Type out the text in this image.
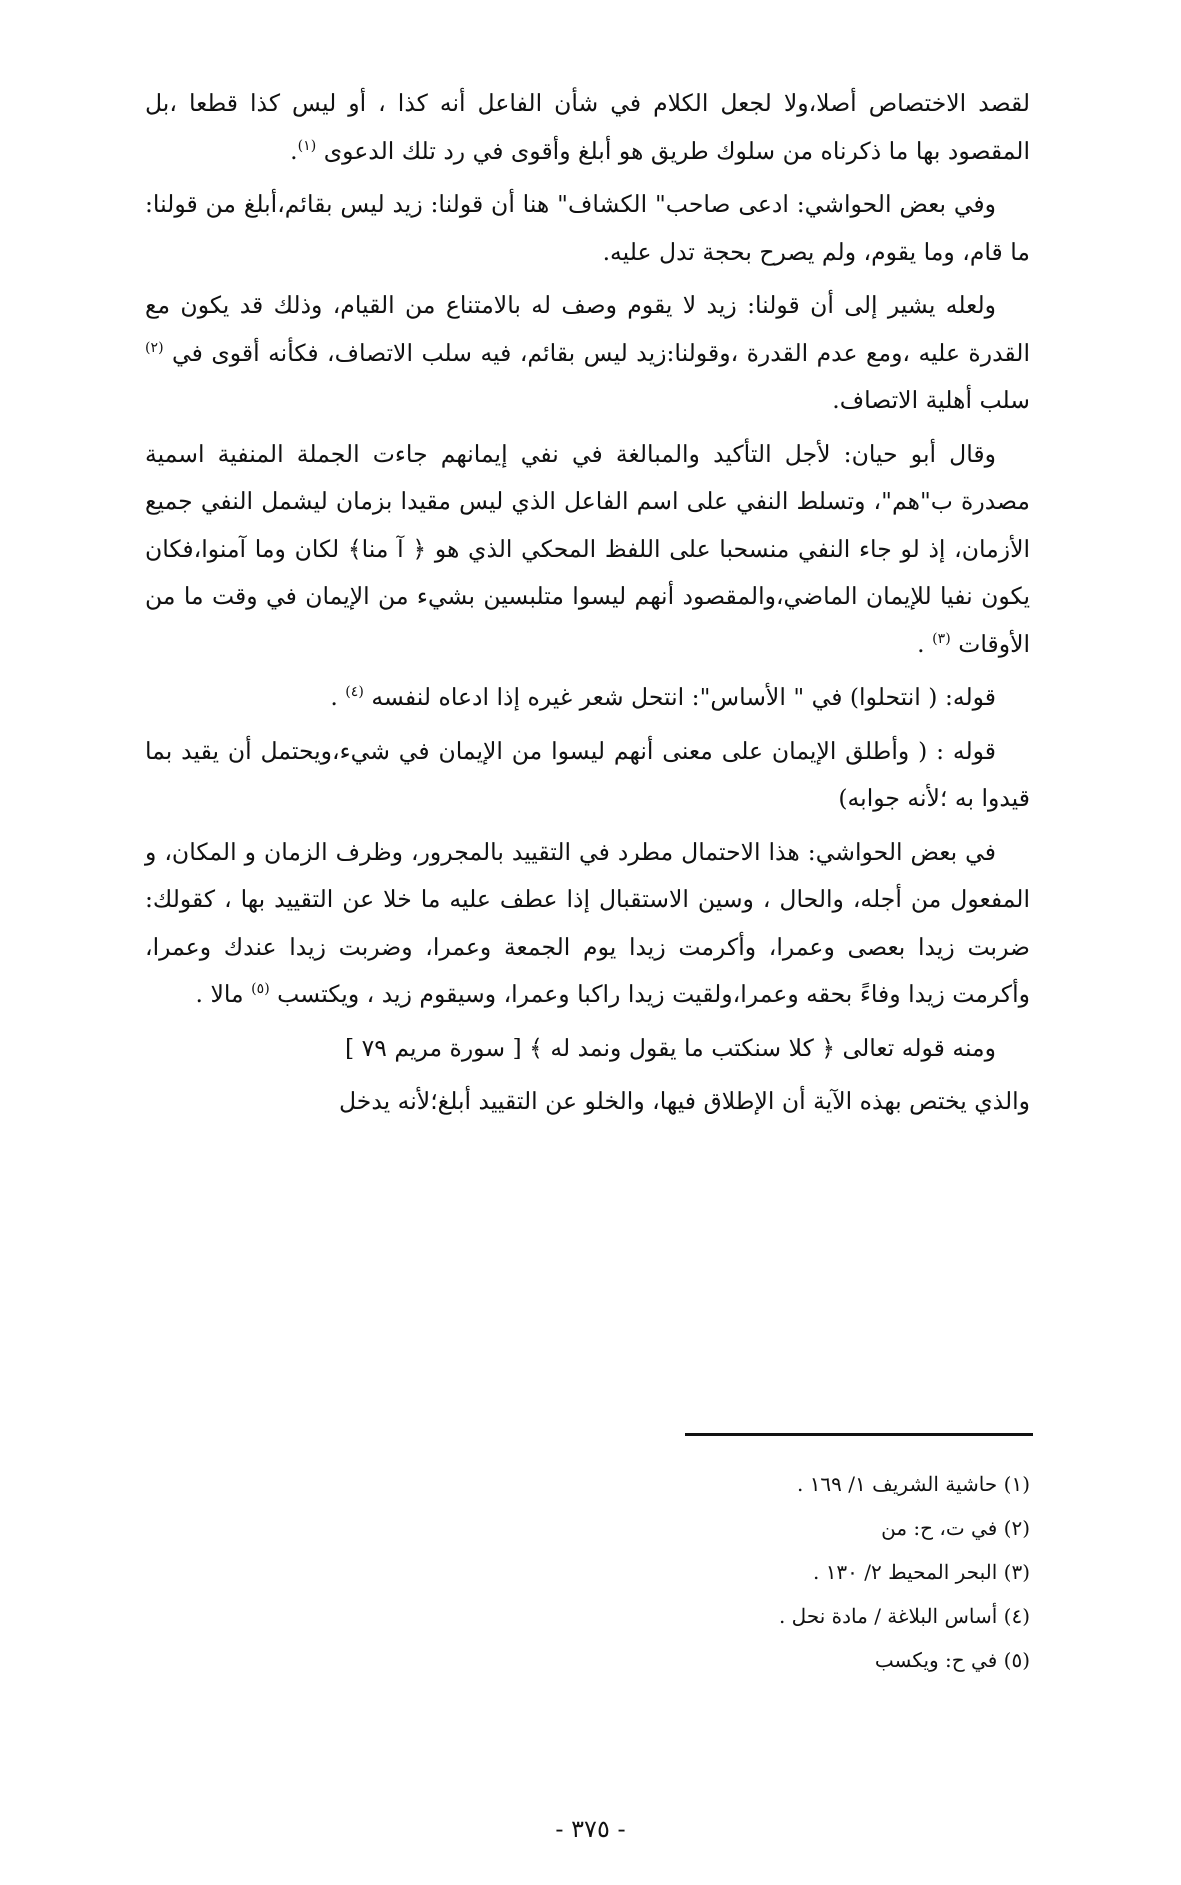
لقصد الاختصاص أصلا،ولا لجعل الكلام في شأن الفاعل أنه كذا ، أو ليس كذا قطعا ،بل المقصود بها ما ذكرناه من سلوك طريق هو أبلغ وأقوى في رد تلك الدعوى $^{(١)}$.

وفي بعض الحواشي: ادعى صاحب" الكشاف" هنا أن قولنا: زيد ليس بقائم،أبلغ من قولنا: ما قام، وما يقوم، ولم يصرح بحجة تدل عليه.

ولعله يشير إلى أن قولنا: زيد لا يقوم وصف له بالامتناع من القيام، وذلك قد يكون مع القدرة عليه ،ومع عدم القدرة ،وقولنا:زيد ليس بقائم، فيه سلب الاتصاف، فكأنه أقوى في $^{(٢)}$ سلب أهلية الاتصاف.

وقال أبو حيان: لأجل التأكيد والمبالغة في نفي إيمانهم جاءت الجملة المنفية اسمية مصدرة ب"هم"، وتسلط النفي على اسم الفاعل الذي ليس مقيدا بزمان ليشمل النفي جميع الأزمان، إذ لو جاء النفي منسحبا على اللفظ المحكي الذي هو ﴿ آ منا﴾ لكان وما آمنوا،فكان يكون نفيا للإيمان الماضي،والمقصود أنهم ليسوا متلبسين بشيء من الإيمان في وقت ما من الأوقات $^{(٣)}$ .

قوله: ( انتحلوا) في " الأساس": انتحل شعر غيره إذا ادعاه لنفسه $^{(٤)}$ .

قوله : ( وأطلق الإيمان على معنى أنهم ليسوا من الإيمان في شيء،ويحتمل أن يقيد بما قيدوا به ؛لأنه جوابه)

في بعض الحواشي: هذا الاحتمال مطرد في التقييد بالمجرور، وظرف الزمان و المكان، و المفعول من أجله، والحال ، وسين الاستقبال إذا عطف عليه ما خلا عن التقييد بها ، كقولك: ضربت زيدا بعصى وعمرا، وأكرمت زيدا يوم الجمعة وعمرا، وضربت زيدا عندك وعمرا، وأكرمت زيدا وفاءً بحقه وعمرا،ولقيت زيدا راكبا وعمرا، وسيقوم زيد ، ويكتسب $^{(٥)}$ مالا .

ومنه قوله تعالى ﴿ كلا سنكتب ما يقول ونمد له ﴾ [ سورة مريم ٧٩ ]

والذي يختص بهذه الآية أن الإطلاق فيها، والخلو عن التقييد أبلغ؛لأنه يدخل

(١) حاشية الشريف ١/ ١٦٩ .
(٢) في ت، ح: من
(٣) البحر المحيط ٢/ ١٣٠ .
(٤) أساس البلاغة / مادة نحل .
(٥) في ح: ويكسب
- ٣٧٥ -
